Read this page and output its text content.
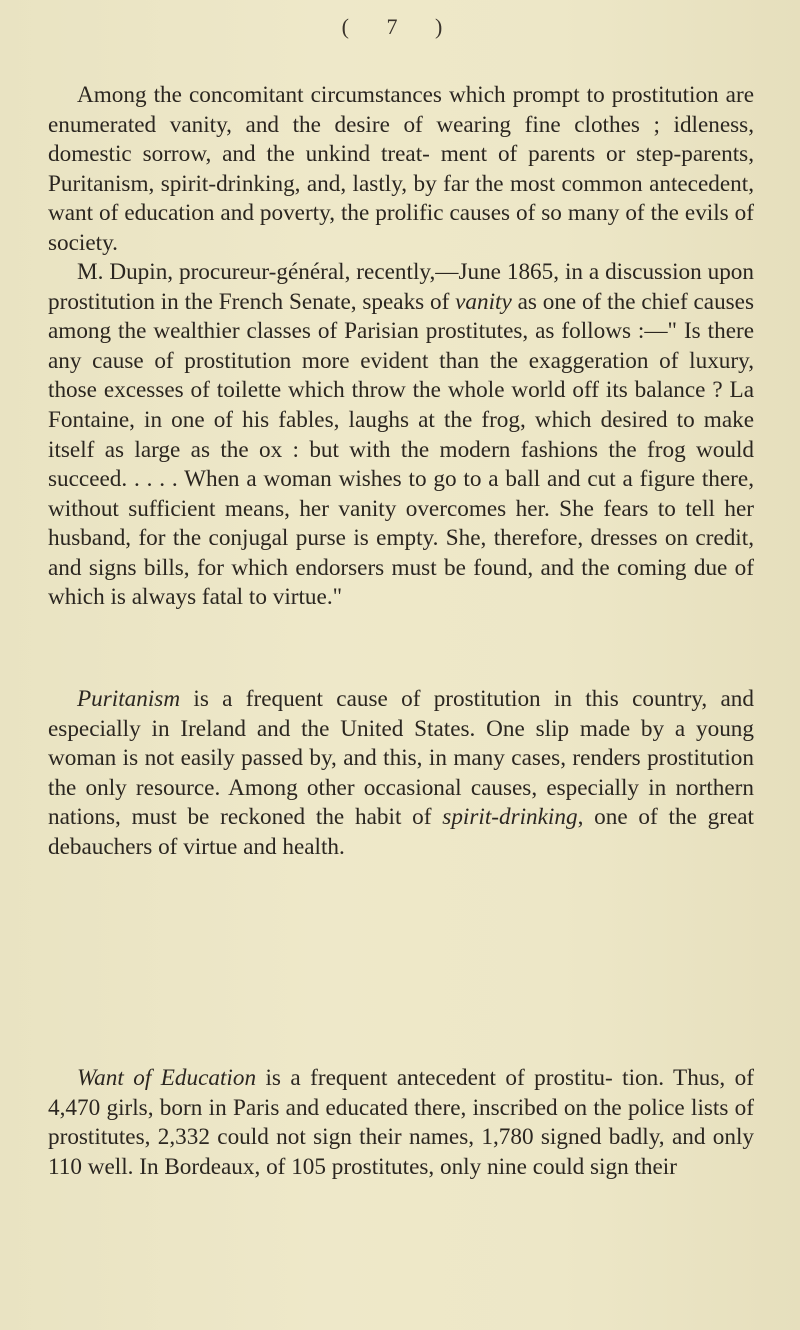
( 7 )

Among the concomitant circumstances which prompt to prostitution are enumerated vanity, and the desire of wearing fine clothes ; idleness, domestic sorrow, and the unkind treat- ment of parents or step-parents, Puritanism, spirit-drinking, and, lastly, by far the most common antecedent, want of education and poverty, the prolific causes of so many of the evils of society.

M. Dupin, procureur-général, recently,—June 1865, in a discussion upon prostitution in the French Senate, speaks of vanity as one of the chief causes among the wealthier classes of Parisian prostitutes, as follows :—" Is there any cause of prostitution more evident than the exaggeration of luxury, those excesses of toilette which throw the whole world off its balance ? La Fontaine, in one of his fables, laughs at the frog, which desired to make itself as large as the ox : but with the modern fashions the frog would succeed. . . . . When a woman wishes to go to a ball and cut a figure there, without sufficient means, her vanity overcomes her. She fears to tell her husband, for the conjugal purse is empty. She, therefore, dresses on credit, and signs bills, for which endorsers must be found, and the coming due of which is always fatal to virtue."

Puritanism is a frequent cause of prostitution in this country, and especially in Ireland and the United States. One slip made by a young woman is not easily passed by, and this, in many cases, renders prostitution the only resource. Among other occasional causes, especially in northern nations, must be reckoned the habit of spirit-drinking, one of the great debauchers of virtue and health.

Want of Education is a frequent antecedent of prostitu- tion. Thus, of 4,470 girls, born in Paris and educated there, inscribed on the police lists of prostitutes, 2,332 could not sign their names, 1,780 signed badly, and only 110 well. In Bordeaux, of 105 prostitutes, only nine could sign their
